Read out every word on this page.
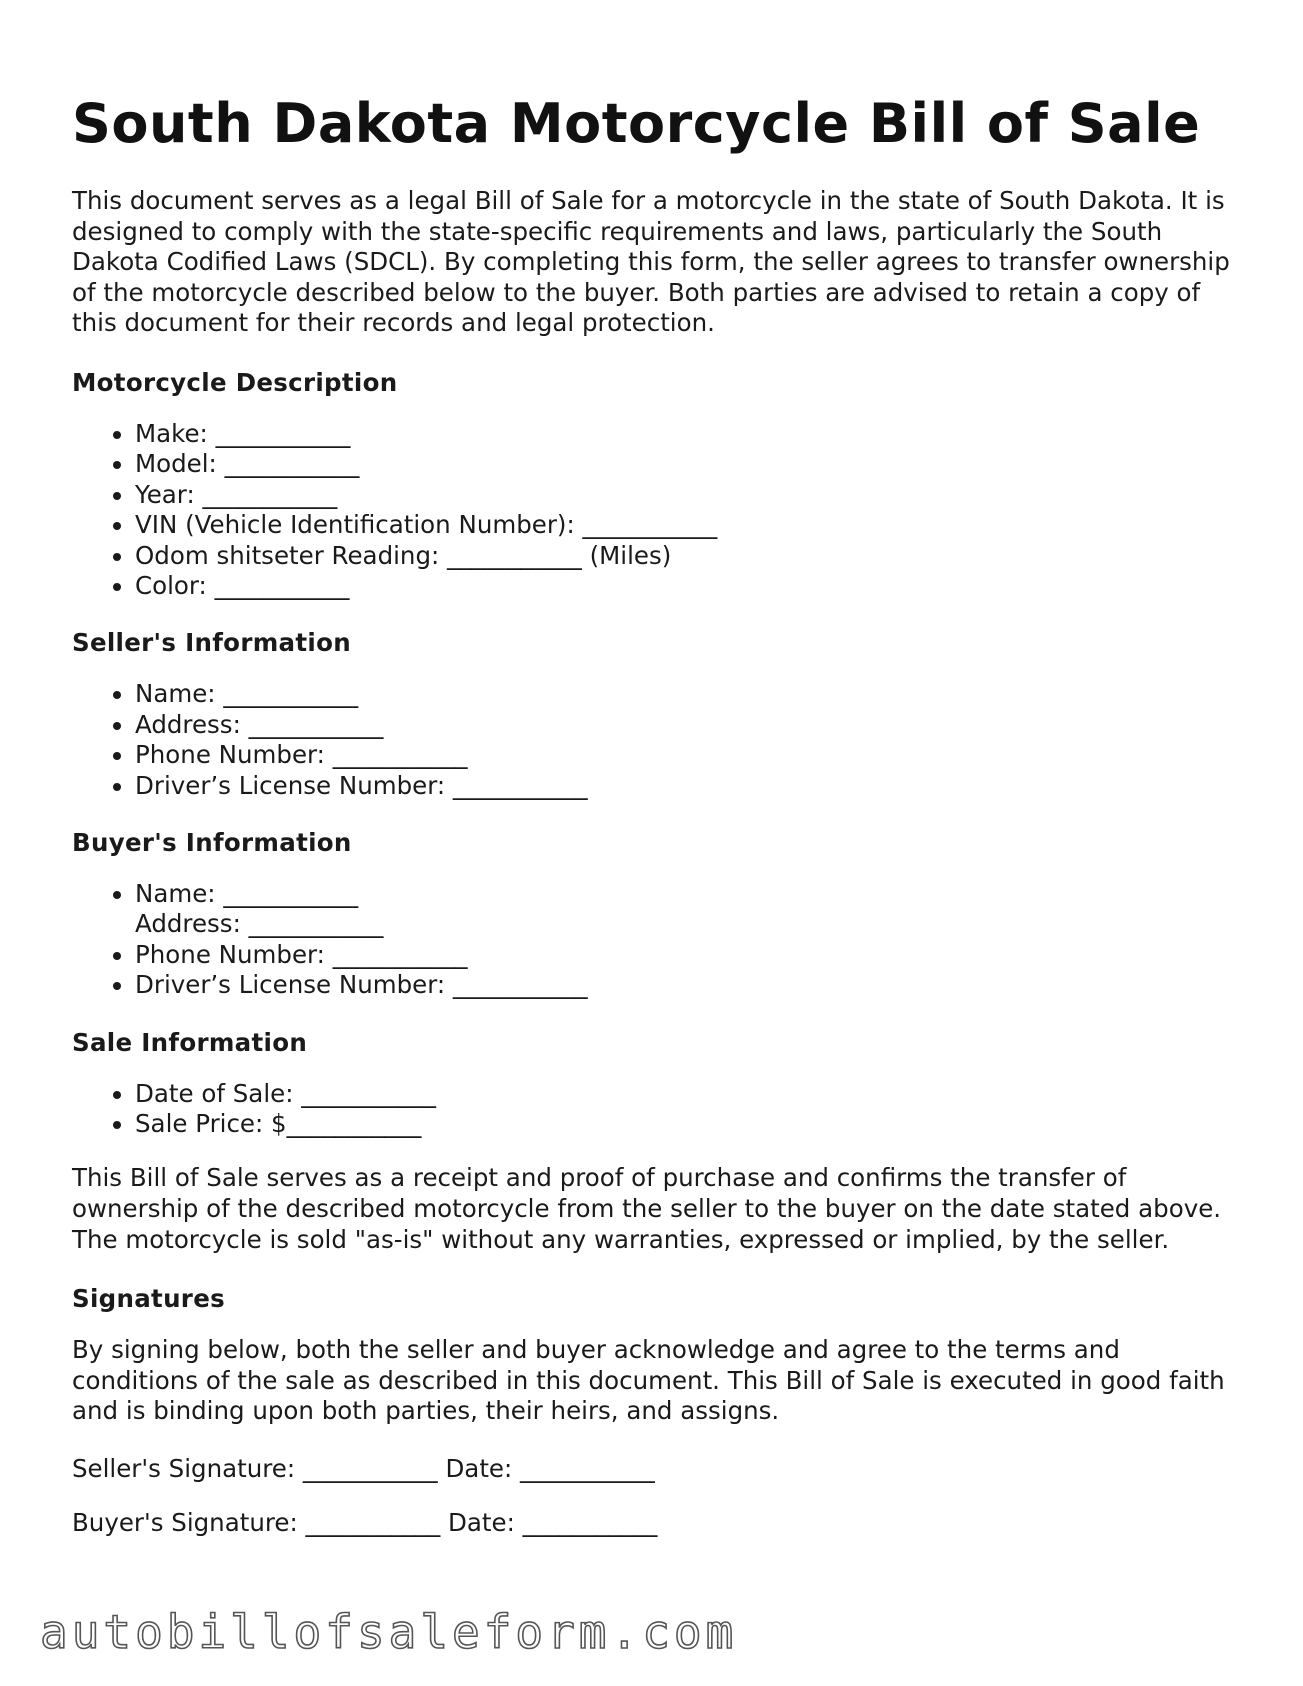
South Dakota Motorcycle Bill of Sale

This document serves as a legal Bill of Sale for a motorcycle in the state of South Dakota. It is designed to comply with the state-specific requirements and laws, particularly the South Dakota Codified Laws (SDCL). By completing this form, the seller agrees to transfer ownership of the motorcycle described below to the buyer. Both parties are advised to retain a copy of this document for their records and legal protection.

Motorcycle Description
• Make: ___________
• Model: ___________
• Year: ___________
• VIN (Vehicle Identification Number): ___________
• Odom shitseter Reading: ___________ (Miles)
• Color: ___________
Seller's Information
• Name: ___________
• Address: ___________
• Phone Number: ___________
• Driver’s License Number: ___________
Buyer's Information
• Name: ___________
Address: ___________
• Phone Number: ___________
• Driver’s License Number: ___________
Sale Information
• Date of Sale: ___________
• Sale Price: $___________

This Bill of Sale serves as a receipt and proof of purchase and confirms the transfer of ownership of the described motorcycle from the seller to the buyer on the date stated above. The motorcycle is sold "as-is" without any warranties, expressed or implied, by the seller.

Signatures

By signing below, both the seller and buyer acknowledge and agree to the terms and conditions of the sale as described in this document. This Bill of Sale is executed in good faith and is binding upon both parties, their heirs, and assigns.

Seller's Signature: ___________ Date: ___________
Buyer's Signature: ___________ Date: ___________
autobillofsaleform.com
